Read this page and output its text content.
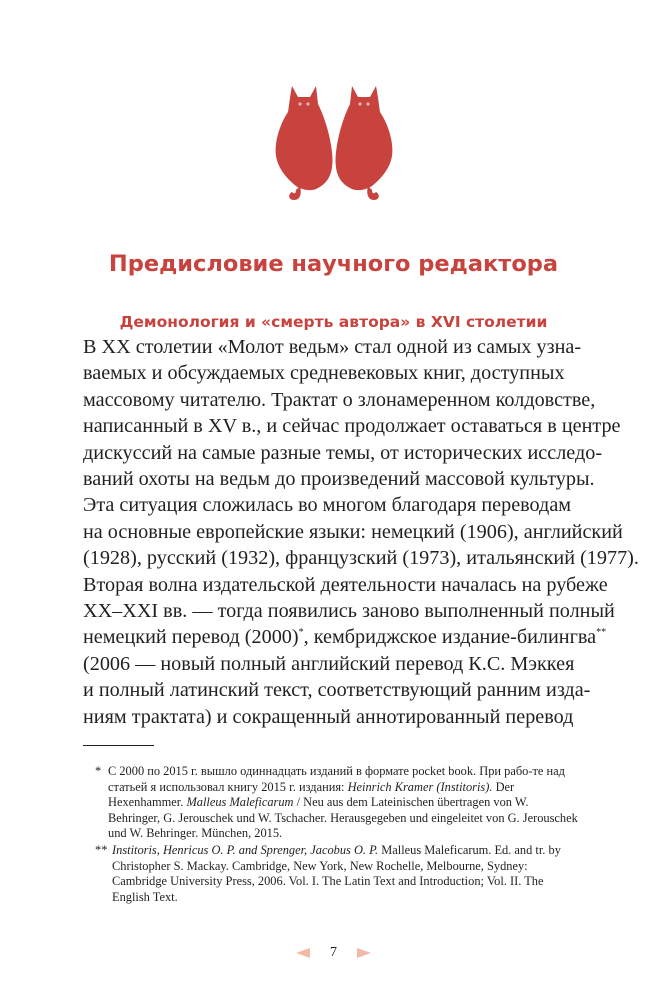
Предисловие научного редактора
Демонология и «смерть автора» в XVI столетии
В XX столетии «Молот ведьм» стал одной из самых узна-
ваемых и обсуждаемых средневековых книг, доступных
массовому читателю. Трактат о злонамеренном колдовстве,
написанный в XV в., и сейчас продолжает оставаться в центре
дискуссий на самые разные темы, от исторических исследо-
ваний охоты на ведьм до произведений массовой культуры.
Эта ситуация сложилась во многом благодаря переводам
на основные европейские языки: немецкий (1906), английский
(1928), русский (1932), французский (1973), итальянский (1977).
Вторая волна издательской деятельности началась на рубеже
XX–XXI вв. — тогда появились заново выполненный полный
немецкий перевод (2000)*, кембриджское издание-билингва**
(2006 — новый полный английский перевод К.С. Мэккея
и полный латинский текст, соответствующий ранним изда-
ниям трактата) и сокращенный аннотированный перевод

* С 2000 по 2015 г. вышло одиннадцать изданий в формате pocket book. При рабо-те над статьей я использовал книгу 2015 г. издания: Heinrich Kramer (Institoris). Der Hexenhammer. Malleus Maleficarum / Neu aus dem Lateinischen übertragen von W. Behringer, G. Jerouschek und W. Tschacher. Herausgegeben und eingeleitet von G. Jerouschek und W. Behringer. München, 2015.

** Institoris, Henricus O. P. and Sprenger, Jacobus O. P. Malleus Maleficarum. Ed. and tr. by Christopher S. Mackay. Cambridge, New York, New Rochelle, Melbourne, Sydney: Cambridge University Press, 2006. Vol. I. The Latin Text and Introduction; Vol. II. The English Text.

7
